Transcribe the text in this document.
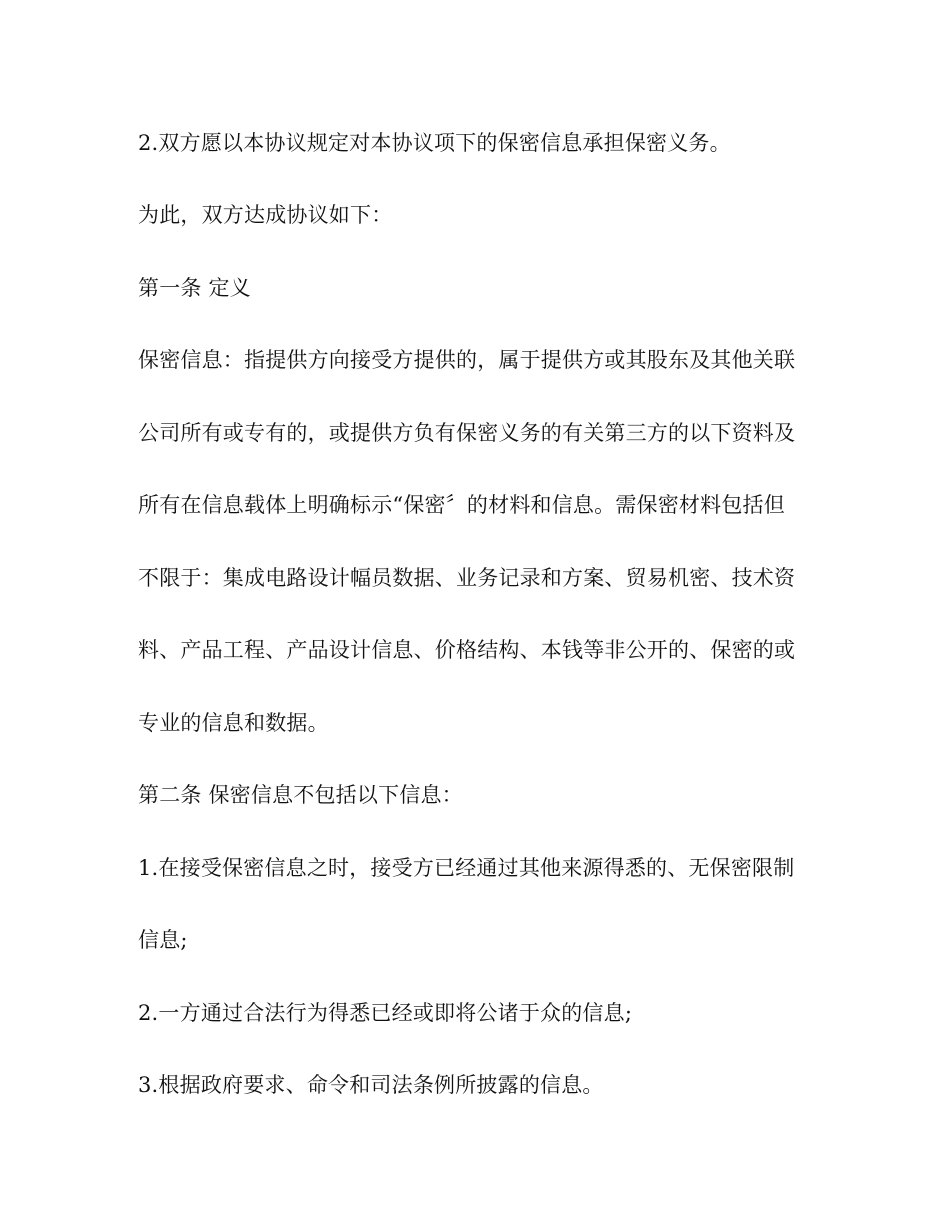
2.双方愿以本协议规定对本协议项下的保密信息承担保密义务。
为此，双方达成协议如下：
第一条 定义
保密信息：指提供方向接受方提供的，属于提供方或其股东及其他关联
公司所有或专有的，或提供方负有保密义务的有关第三方的以下资料及
所有在信息载体上明确标示“保密〞的材料和信息。需保密材料包括但
不限于：集成电路设计幅员数据、业务记录和方案、贸易机密、技术资
料、产品工程、产品设计信息、价格结构、本钱等非公开的、保密的或
专业的信息和数据。
第二条 保密信息不包括以下信息：
1.在接受保密信息之时，接受方已经通过其他来源得悉的、无保密限制
信息;
2.一方通过合法行为得悉已经或即将公诸于众的信息;
3.根据政府要求、命令和司法条例所披露的信息。
